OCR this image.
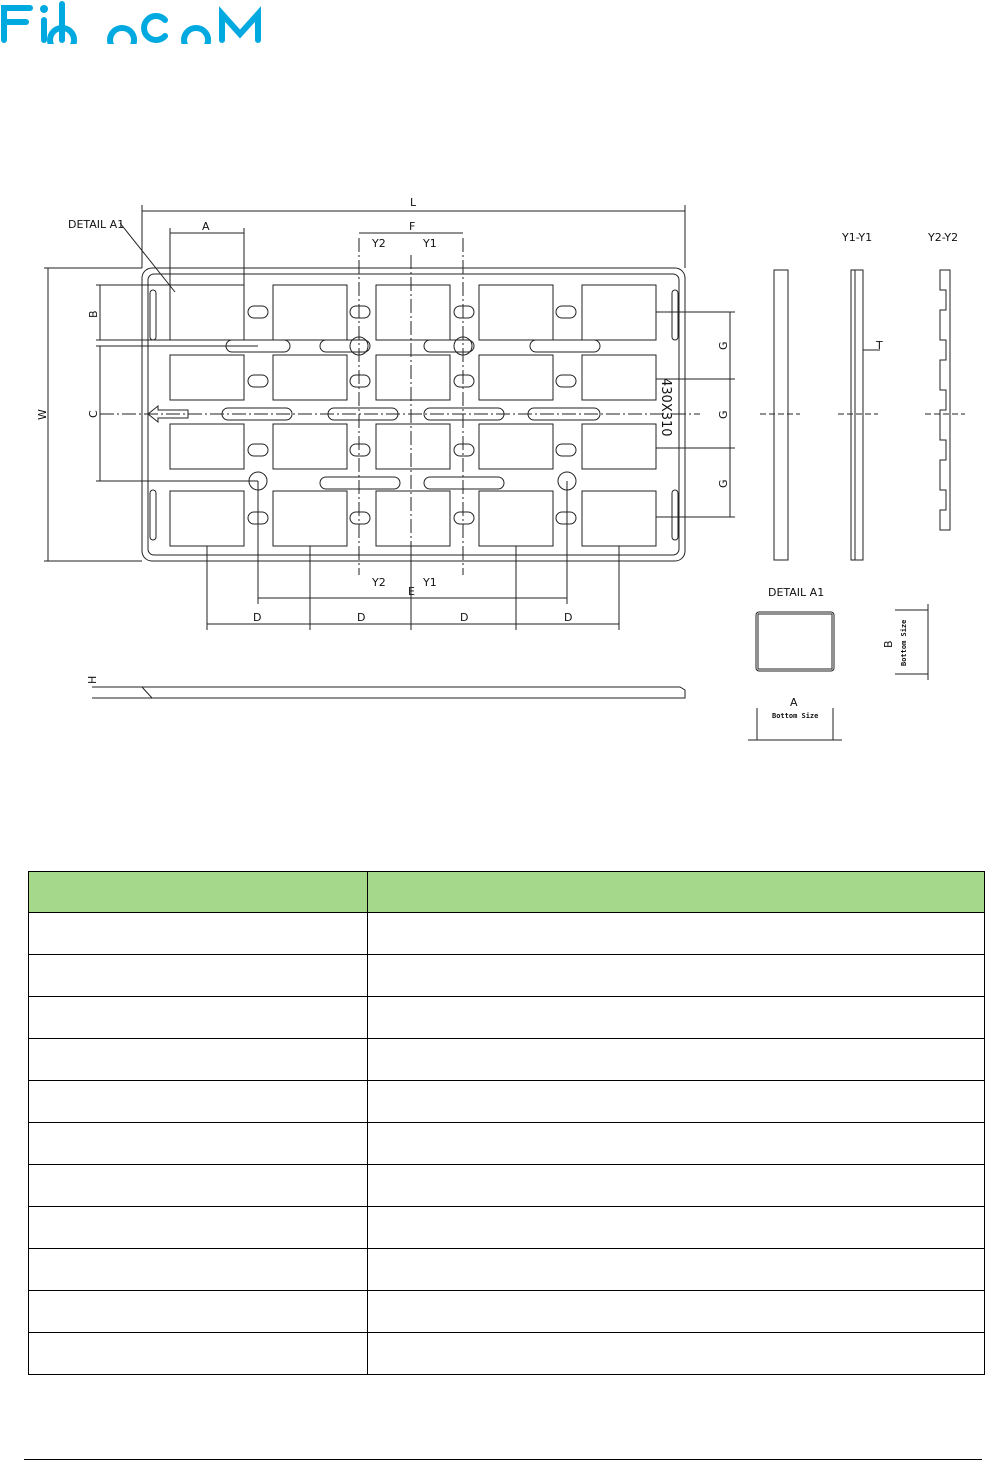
L
A	F
Y2	Y1
Y2	Y1
DETAIL A1
DETAIL A1
Y1-Y1	Y2-Y2
E
D	D	D	D
T
A
W
B
C
H
G
G
G
B
430X310
Bottom Size
Bottom Size
